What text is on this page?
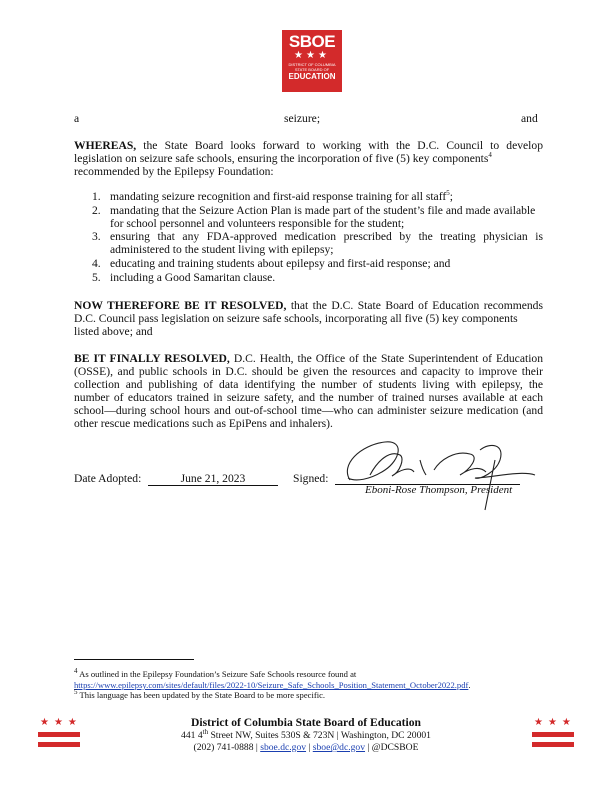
SBOE
★★★
DISTRICT OF COLUMBIA
STATE BOARD OF
EDUCATION
a	seizure;	and
WHEREAS, the State Board looks forward to working with the D.C. Council to develop
legislation on seizure safe schools, ensuring the incorporation of five (5) key components$^4$
recommended by the Epilepsy Foundation:
1. mandating seizure recognition and first-aid response training for all staff$^5$;
2. mandating that the Seizure Action Plan is made part of the student’s file and made available
for school personnel and volunteers responsible for the student;
3. ensuring that any FDA-approved medication prescribed by the treating physician is
administered to the student living with epilepsy;
4. educating and training students about epilepsy and first-aid response; and
5. including a Good Samaritan clause.
NOW THEREFORE BE IT RESOLVED, that the D.C. State Board of Education recommends
D.C. Council pass legislation on seizure safe schools, incorporating all five (5) key components
listed above; and
BE IT FINALLY RESOLVED, D.C. Health, the Office of the State Superintendent of Education
(OSSE), and public schools in D.C. should be given the resources and capacity to improve their
collection and publishing of data identifying the number of students living with epilepsy, the
number of educators trained in seizure safety, and the number of trained nurses available at each
school—during school hours and out-of-school time—who can administer seizure medication (and
other rescue medications such as EpiPens and inhalers).
Date Adopted:	June 21, 2023	Signed:
Eboni-Rose Thompson, President
$^4$ As outlined in the Epilepsy Foundation’s Seizure Safe Schools resource found at
https://www.epilepsy.com/sites/default/files/2022-10/Seizure_Safe_Schools_Position_Statement_October2022.pdf.
$^5$ This language has been updated by the State Board to be more specific.
★★★	★★★
District of Columbia State Board of Education
441 4th Street NW, Suites 530S & 723N | Washington, DC 20001
(202) 741-0888 | sboe.dc.gov | sboe@dc.gov | @DCSBOE
